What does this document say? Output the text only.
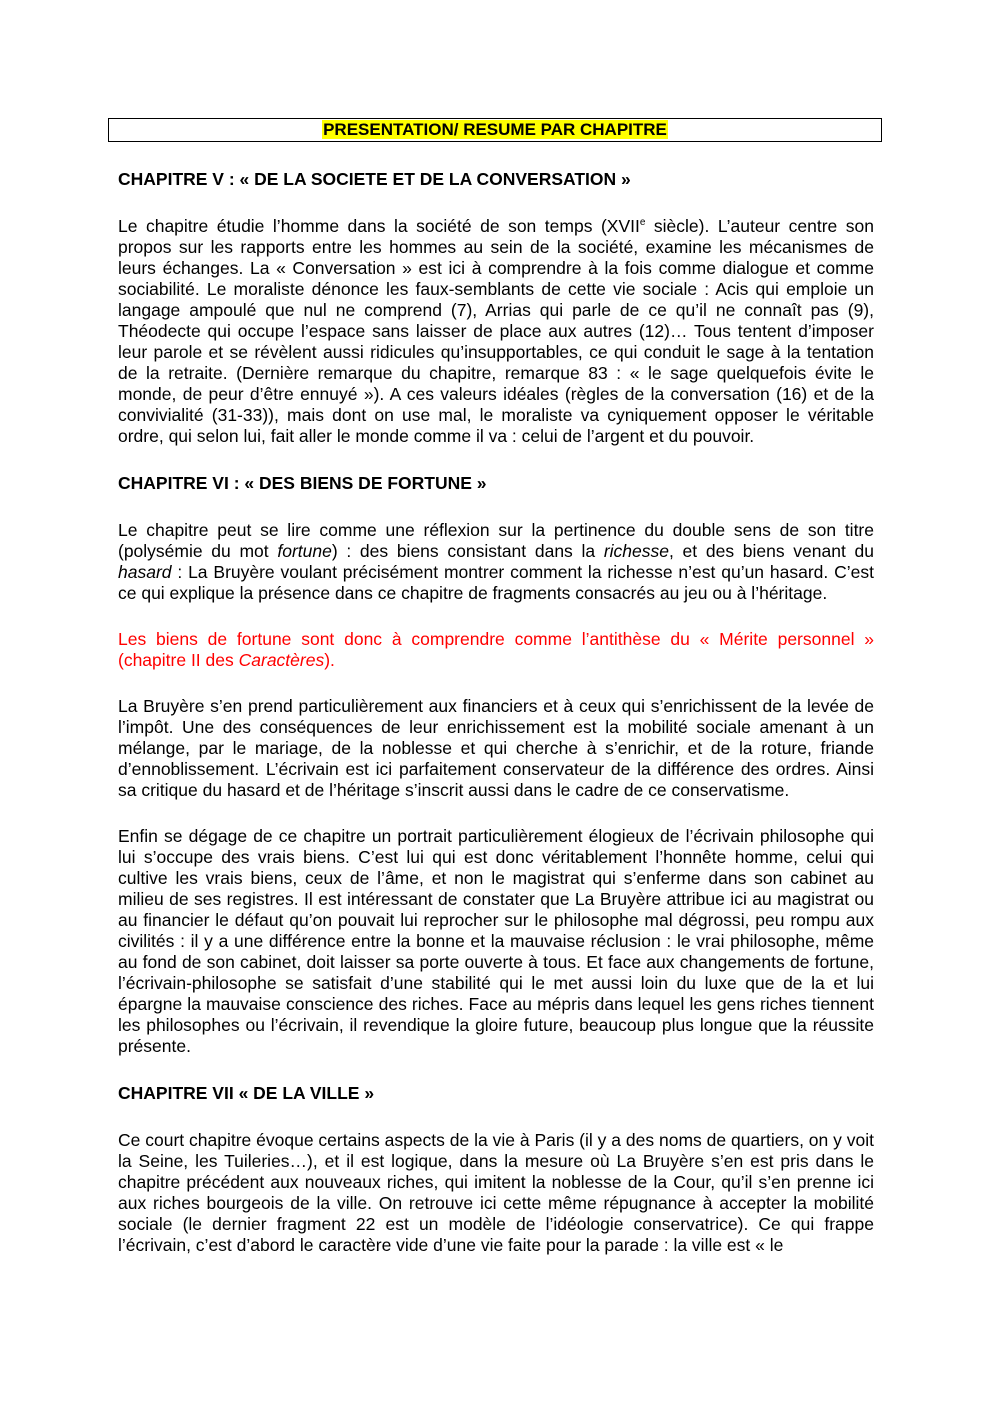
PRESENTATION/ RESUME PAR CHAPITRE
CHAPITRE V : « DE LA SOCIETE ET DE LA CONVERSATION »

Le chapitre étudie l’homme dans la société de son temps (XVIIe siècle). L’auteur centre son propos sur les rapports entre les hommes au sein de la société, examine les mécanismes de leurs échanges. La « Conversation » est ici à comprendre à la fois comme dialogue et comme sociabilité. Le moraliste dénonce les faux-semblants de cette vie sociale : Acis qui emploie un langage ampoulé que nul ne comprend (7), Arrias qui parle de ce qu’il ne connaît pas (9), Théodecte qui occupe l’espace sans laisser de place aux autres (12)… Tous tentent d’imposer leur parole et se révèlent aussi ridicules qu’insupportables, ce qui conduit le sage à la tentation de la retraite. (Dernière remarque du chapitre, remarque 83 : « le sage quelquefois évite le monde, de peur d’être ennuyé »). A ces valeurs idéales (règles de la conversation (16) et de la convivialité (31-33)), mais dont on use mal, le moraliste va cyniquement opposer le véritable ordre, qui selon lui, fait aller le monde comme il va : celui de l’argent et du pouvoir.

CHAPITRE VI : « DES BIENS DE FORTUNE »

Le chapitre peut se lire comme une réflexion sur la pertinence du double sens de son titre (polysémie du mot fortune) : des biens consistant dans la richesse, et des biens venant du hasard : La Bruyère voulant précisément montrer comment la richesse n’est qu’un hasard. C’est ce qui explique la présence dans ce chapitre de fragments consacrés au jeu ou à l’héritage.

Les biens de fortune sont donc à comprendre comme l’antithèse du « Mérite personnel » (chapitre II des Caractères).

La Bruyère s’en prend particulièrement aux financiers et à ceux qui s’enrichissent de la levée de l’impôt. Une des conséquences de leur enrichissement est la mobilité sociale amenant à un mélange, par le mariage, de la noblesse et qui cherche à s’enrichir, et de la roture, friande d’ennoblissement. L’écrivain est ici parfaitement conservateur de la différence des ordres. Ainsi sa critique du hasard et de l’héritage s’inscrit aussi dans le cadre de ce conservatisme.

Enfin se dégage de ce chapitre un portrait particulièrement élogieux de l’écrivain philosophe qui lui s’occupe des vrais biens. C’est lui qui est donc véritablement l’honnête homme, celui qui cultive les vrais biens, ceux de l’âme, et non le magistrat qui s’enferme dans son cabinet au milieu de ses registres. Il est intéressant de constater que La Bruyère attribue ici au magistrat ou au financier le défaut qu’on pouvait lui reprocher sur le philosophe mal dégrossi, peu rompu aux civilités : il y a une différence entre la bonne et la mauvaise réclusion : le vrai philosophe, même au fond de son cabinet, doit laisser sa porte ouverte à tous. Et face aux changements de fortune, l’écrivain-philosophe se satisfait d’une stabilité qui le met aussi loin du luxe que de la et lui épargne la mauvaise conscience des riches. Face au mépris dans lequel les gens riches tiennent les philosophes ou l’écrivain, il revendique la gloire future, beaucoup plus longue que la réussite présente.

CHAPITRE VII « DE LA VILLE »

Ce court chapitre évoque certains aspects de la vie à Paris (il y a des noms de quartiers, on y voit la Seine, les Tuileries…), et il est logique, dans la mesure où La Bruyère s’en est pris dans le chapitre précédent aux nouveaux riches, qui imitent la noblesse de la Cour, qu’il s’en prenne ici aux riches bourgeois de la ville. On retrouve ici cette même répugnance à accepter la mobilité sociale (le dernier fragment 22 est un modèle de l’idéologie conservatrice). Ce qui frappe l’écrivain, c’est d’abord le caractère vide d’une vie faite pour la parade : la ville est « le
